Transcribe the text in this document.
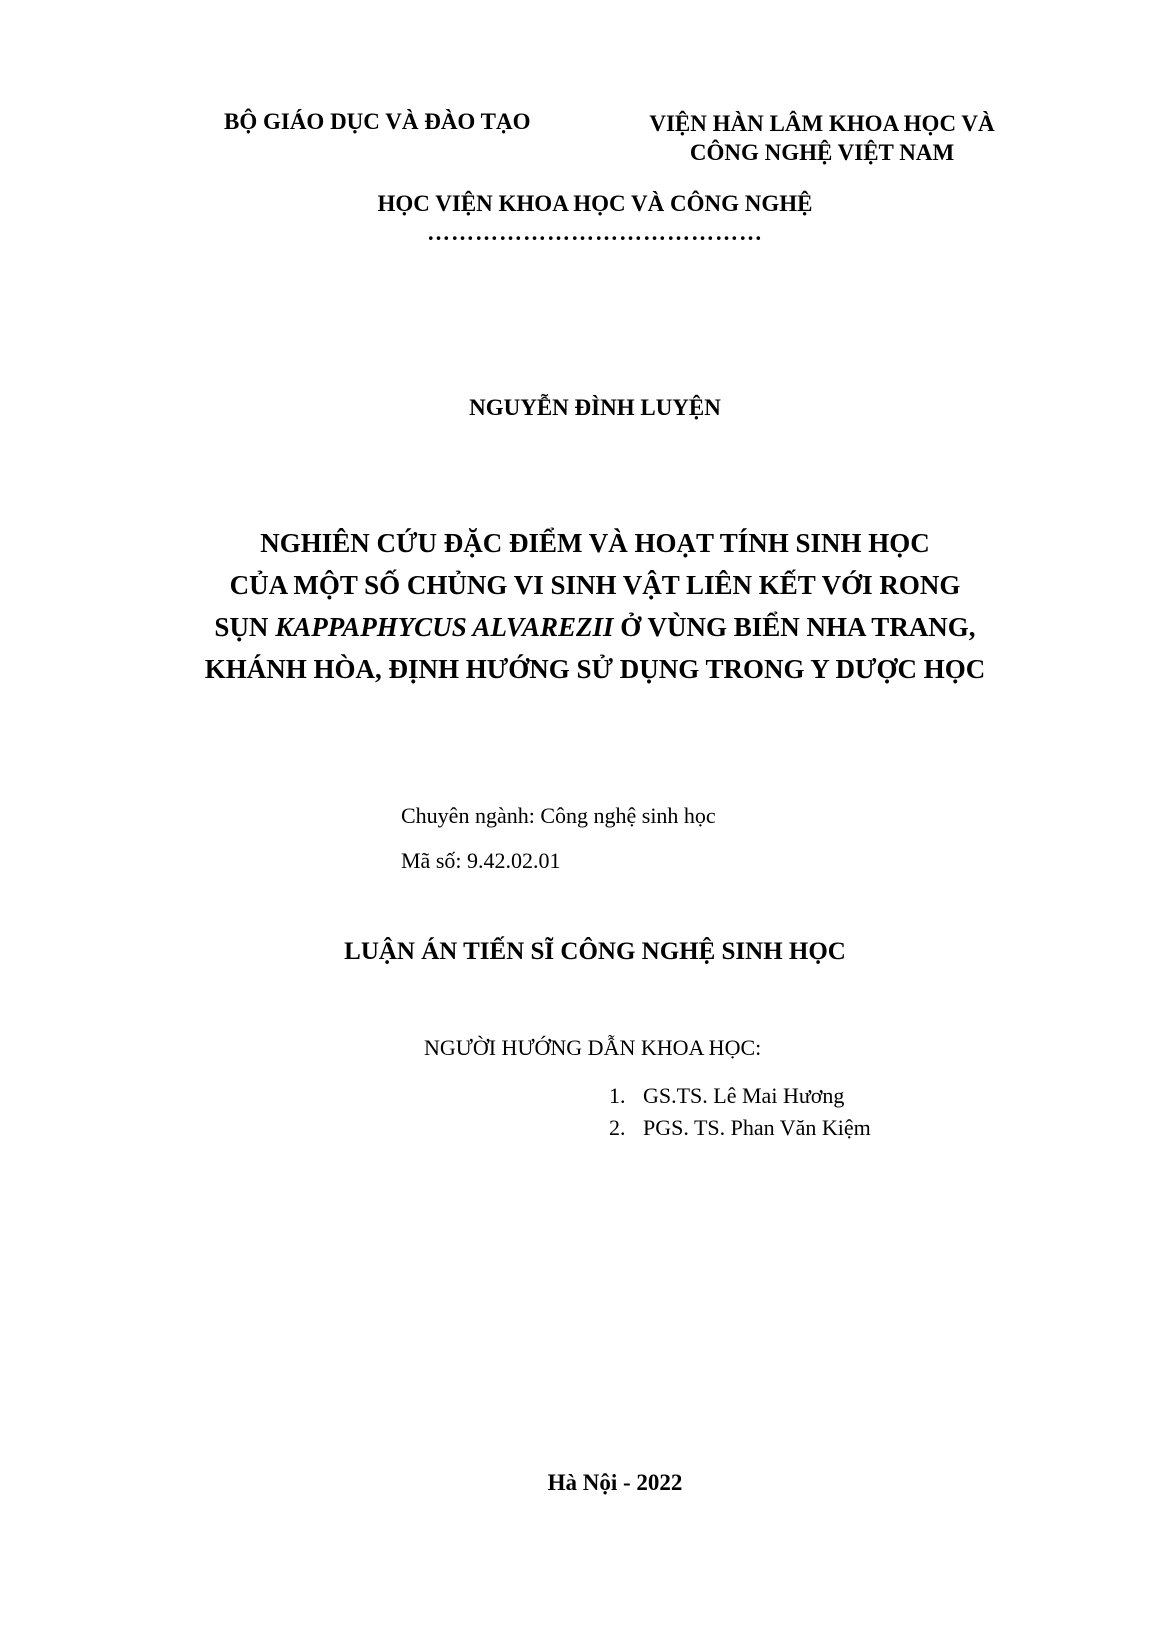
BỘ GIÁO DỤC VÀ ĐÀO TẠO	VIỆN HÀN LÂM KHOA HỌC VÀ
CÔNG NGHỆ VIỆT NAM
HỌC VIỆN KHOA HỌC VÀ CÔNG NGHỆ
……………………………………
NGUYỄN ĐÌNH LUYỆN
NGHIÊN CỨU ĐẶC ĐIỂM VÀ HOẠT TÍNH SINH HỌC
CỦA MỘT SỐ CHỦNG VI SINH VẬT LIÊN KẾT VỚI RONG
SỤN KAPPAPHYCUS ALVAREZII Ở VÙNG BIỂN NHA TRANG,
KHÁNH HÒA, ĐỊNH HƯỚNG SỬ DỤNG TRONG Y DƯỢC HỌC
Chuyên ngành: Công nghệ sinh học
Mã số: 9.42.02.01
LUẬN ÁN TIẾN SĨ CÔNG NGHỆ SINH HỌC
NGƯỜI HƯỚNG DẪN KHOA HỌC:
1. GS.TS. Lê Mai Hương
2. PGS. TS. Phan Văn Kiệm
Hà Nội - 2022
